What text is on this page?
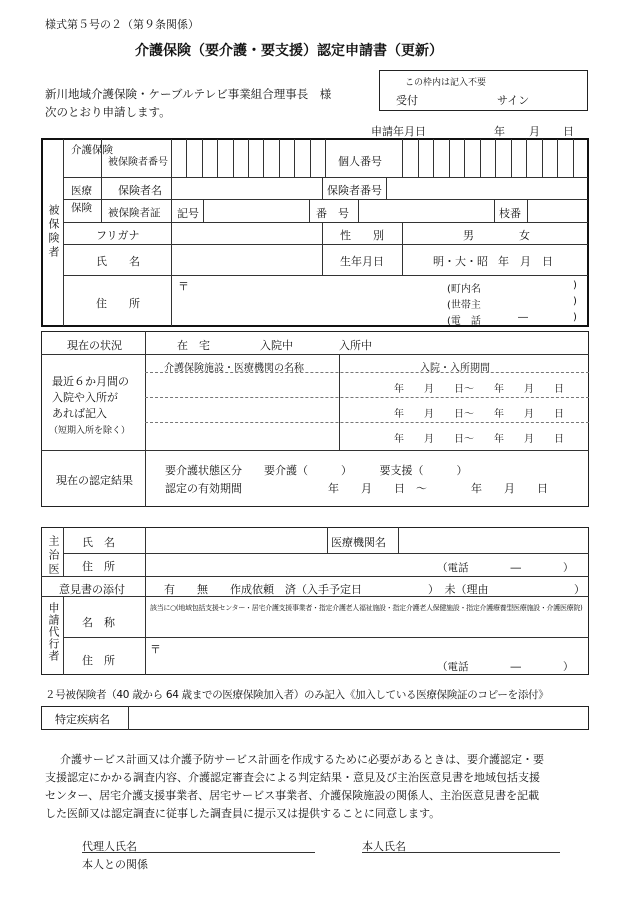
様式第５号の２（第９条関係）
介護保険（要介護・要支援）認定申請書（更新）
新川地域介護保険・ケーブルテレビ事業組合理事長　様
次のとおり申請します。
この枠内は記入不要
受付	サイン
申請年月日	年 月 日
被保険者
介護保険
被保険者番号	個人番号
医療保険
保険者名	保険者番号
被保険者証 記号	番　号	枝番
フリガナ	性　　別	男	女
氏　　名	生年月日	明・大・昭 年　月　日
住　　所
〒	(町内名	)
(世帯主	)
(電　話	―	)
現在の状況	在　宅	入院中	入所中
最近６か月間の
入院や入所が
あれば記入
（短期入所を除く）
介護保険施設・医療機関の名称	入院・入所期間
年　　月　　日～　　年　　月　　日
年　　月　　日～　　年　　月　　日
年　　月　　日～　　年　　月　　日
現在の認定結果
要介護状態区分　　要介護（　　　）　　　要支援（　　　）
認定の有効期間	年　　月　　日　～　　　　年　　月　　日
主治医 氏　名	医療機関名
住　所	（電話　　　　―　　　　）
意見書の添付	有　　無　　作成依頼　済（入手予定日　　　　　　）　未（理由	）
申請代行者 名　称
該当に○(地域包括支援センター・居宅介護支援事業者・指定介護老人福祉施設・指定介護老人保健施設・指定介護療養型医療施設・介護医療院)
住　所
〒
（電話　　　　―　　　　）
２号被保険者（40 歳から 64 歳までの医療保険加入者）のみ記入《加入している医療保険証のコピーを添付》
特定疾病名
介護サービス計画又は介護予防サービス計画を作成するために必要があるときは、要介護認定・要
支援認定にかかる調査内容、介護認定審査会による判定結果・意見及び主治医意見書を地域包括支援
センター、居宅介護支援事業者、居宅サービス事業者、介護保険施設の関係人、主治医意見書を記載
した医師又は認定調査に従事した調査員に提示又は提供することに同意します。
代理人氏名	本人氏名
本人との関係
